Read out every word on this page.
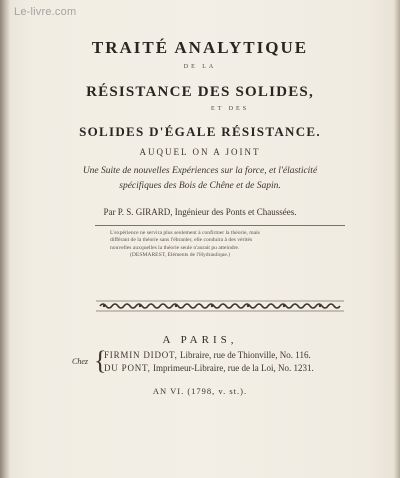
Le-livre.com
TRAITÉ ANALYTIQUE
DE LA
RÉSISTANCE DES SOLIDES,
ET DES
SOLIDES D'ÉGALE RÉSISTANCE.
AUQUEL ON A JOINT
Une Suite de nouvelles Expériences sur la force, et l'élasticité
spécifiques des Bois de Chêne et de Sapin.
Par P. S. GIRARD, Ingénieur des Ponts et Chaussées.
L'expérience ne servira plus seulement à confirmer la théorie, mais
différant de la théorie sans l'ébranler, elle conduira à des vérités
nouvelles auxquelles la théorie seule n'aurait pu atteindre.
(DESMAREST, Éléments de l'Hydraulique.)
A PARIS,
Chez {
FIRMIN DIDOT, Libraire, rue de Thionville, No. 116.
DU PONT, Imprimeur-Libraire, rue de la Loi, No. 1231.
AN VI. (1798, v. st.).
